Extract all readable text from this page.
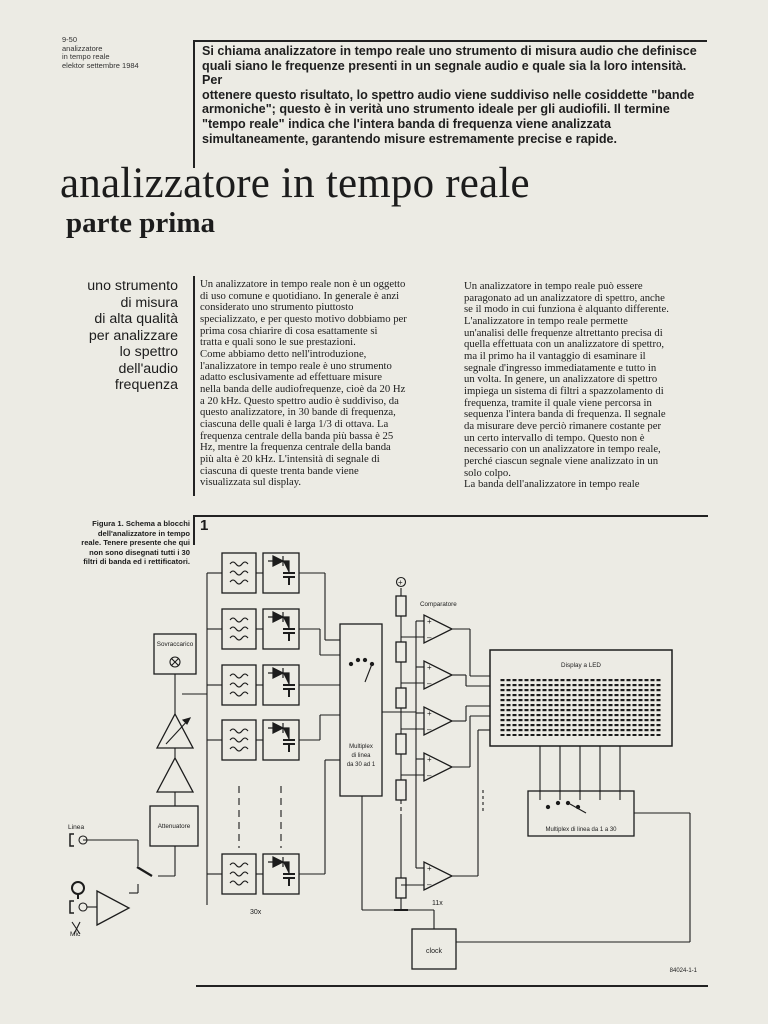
9-50
analizzatore
in tempo reale
elektor settembre 1984
Si chiama analizzatore in tempo reale uno strumento di misura audio che definisce
quali siano le frequenze presenti in un segnale audio e quale sia la loro intensità. Per
ottenere questo risultato, lo spettro audio viene suddiviso nelle cosiddette "bande
armoniche"; questo è in verità uno strumento ideale per gli audiofili. Il termine
"tempo reale" indica che l'intera banda di frequenza viene analizzata
simultaneamente, garantendo misure estremamente precise e rapide.
analizzatore in tempo reale
parte prima
uno strumento
di misura
di alta qualità
per analizzare
lo spettro
dell'audio
frequenza
Un analizzatore in tempo reale non è un oggetto
di uso comune e quotidiano. In generale è anzi
considerato uno strumento piuttosto
specializzato, e per questo motivo dobbiamo per
prima cosa chiarire di cosa esattamente si
tratta e quali sono le sue prestazioni.
Come abbiamo detto nell'introduzione,
l'analizzatore in tempo reale è uno strumento
adatto esclusivamente ad effettuare misure
nella banda delle audiofrequenze, cioè da 20 Hz
a 20 kHz. Questo spettro audio è suddiviso, da
questo analizzatore, in 30 bande di frequenza,
ciascuna delle quali è larga 1/3 di ottava. La
frequenza centrale della banda più bassa è 25
Hz, mentre la frequenza centrale della banda
più alta è 20 kHz. L'intensità di segnale di
ciascuna di queste trenta bande viene
visualizzata sul display.
Un analizzatore in tempo reale può essere
paragonato ad un analizzatore di spettro, anche
se il modo in cui funziona è alquanto differente.
L'analizzatore in tempo reale permette
un'analisi delle frequenze altrettanto precisa di
quella effettuata con un analizzatore di spettro,
ma il primo ha il vantaggio di esaminare il
segnale d'ingresso immediatamente e tutto in
un volta. In genere, un analizzatore di spettro
impiega un sistema di filtri a spazzolamento di
frequenza, tramite il quale viene percorsa in
sequenza l'intera banda di frequenza. Il segnale
da misurare deve perciò rimanere costante per
un certo intervallo di tempo. Questo non è
necessario con un analizzatore in tempo reale,
perché ciascun segnale viene analizzato in un
solo colpo.
La banda dell'analizzatore in tempo reale
Figura 1. Schema a blocchi
dell'analizzatore in tempo
reale. Tenere presente che qui
non sono disegnati tutti i 30
filtri di banda ed i rettificatori.
1
+
–
+
Sovraccarico
Attenuatore
Linea
Mic
30x
Multiplex
di linea
da 30 ad 1
Comparatore
11x
Display a LED
Multiplex di linea da 1 a 30
clock
84024-1-1
